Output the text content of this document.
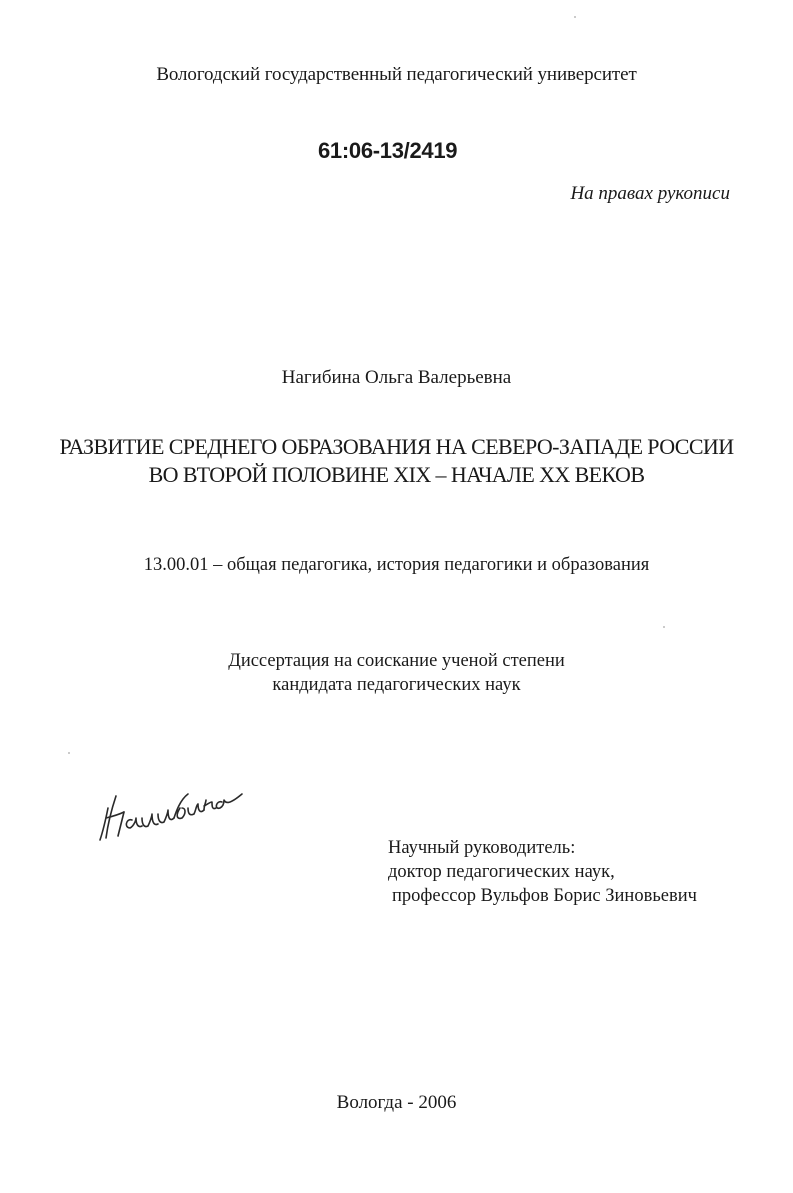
Вологодский государственный педагогический университет
61:06-13/2419
На правах рукописи
Нагибина Ольга Валерьевна
РАЗВИТИЕ СРЕДНЕГО ОБРАЗОВАНИЯ НА СЕВЕРО-ЗАПАДЕ РОССИИ
ВО ВТОРОЙ ПОЛОВИНЕ XIX – НАЧАЛЕ XX ВЕКОВ
13.00.01 – общая педагогика, история педагогики и образования
Диссертация на соискание ученой степени
кандидата педагогических наук
Научный руководитель:
доктор педагогических наук,
профессор Вульфов Борис Зиновьевич
Вологда - 2006
